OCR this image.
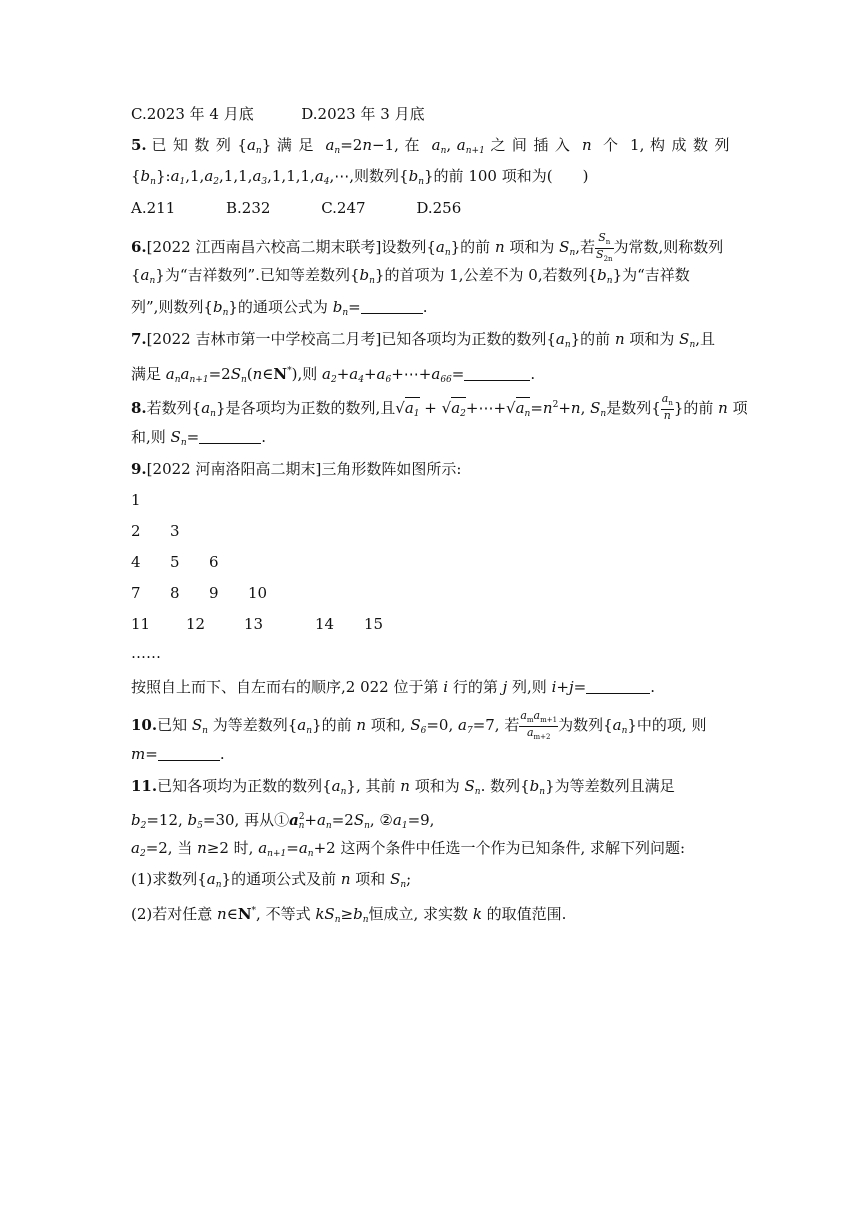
C.2023 年 4 月底	D.2023 年 3 月底
5. 已 知 数 列 $\{a_n\}$ 满 足  $a_n=2n-1$, 在  $a_n$, $a_{n+1}$ 之 间 插 入  n  个  1, 构 成 数 列
$\{b_n\}:a_1,1,a_2,1,1,a_3,1,1,1,a_4,\cdots$,则数列$\{b_n\}$的前 100 项和为(　　)
A.211	B.232	C.247	D.256
6.[2022 江西南昌六校高二期末联考]设数列$\{a_n\}$的前 n 项和为 $S_n$,若 $\frac{S_n}{S_{2n}}$ 为常数,则称数列
$\{a_n\}$为“吉祥数列”.已知等差数列$\{b_n\}$的首项为 1,公差不为 0,若数列$\{b_n\}$为“吉祥数
列”,则数列$\{b_n\}$的通项公式为 $b_n=$	.
7.[2022 吉林市第一中学校高二月考]已知各项均为正数的数列$\{a_n\}$的前 n 项和为 $S_n$,且
满足 $a_na_{n+1}=2S_n(n\in N^*)$,则 $a_2+a_4+a_6+\cdots+a_{66}=$	.
8.若数列$\{a_n\}$是各项均为正数的数列,且$√a_1$ + $√a_2+\cdots+√a_n=n^2+n$, $S_n$是数列{ $\frac{a_n}{n}$ }的前 n 项
和,则 $S_n=$	.
9.[2022 河南洛阳高二期末]三角形数阵如图所示:
1
2 3
4 5 6
7 8 9 10
11 12	13	14 15
……
按照自上而下、自左而右的顺序,2 022 位于第 i 行的第 j 列,则 i+j=	.
10.已知 $S_n$ 为等差数列$\{a_n\}$的前 n 项和, $S_6=0$, $a_7=7$, 若 $\frac{a_ma_{m+1}}{a_{m+2}}$ 为数列$\{a_n\}$中的项, 则
m=	.
11.已知各项均为正数的数列$\{a_n\}$, 其前 n 项和为 $S_n$. 数列$\{b_n\}$为等差数列且满足
$b_2=12$, $b_5=30$, 再从$①a^2_n+a_n=2S_n$, $②a_1=9$,
$a_2=2$, 当 n≥2 时, $a_{n+1}=a_n+2$ 这两个条件中任选一个作为已知条件, 求解下列问题:
(1)求数列$\{a_n\}$的通项公式及前 n 项和 $S_n$;
(2)若对任意 n∈N*, 不等式 $kS_n\ge b_n$恒成立, 求实数 k 的取值范围.
